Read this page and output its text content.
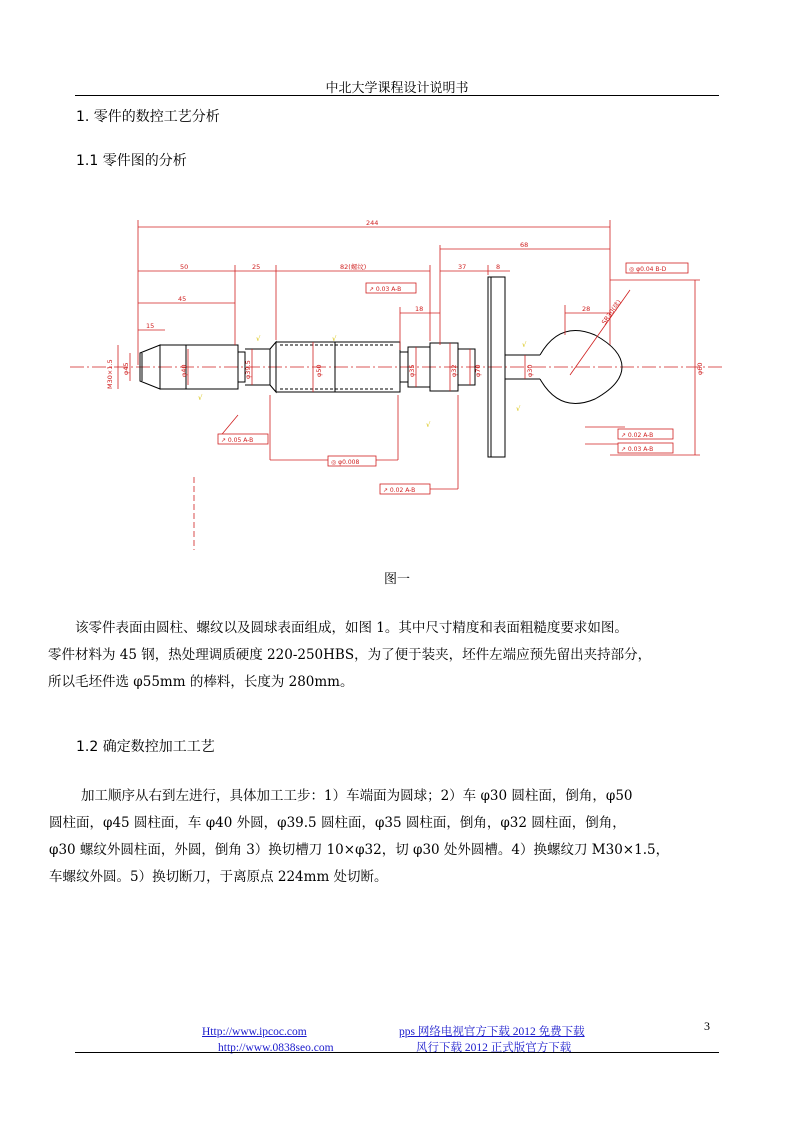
中北大学课程设计说明书
1. 零件的数控工艺分析
1.1 零件图的分析
244
68
50	25	82(螺纹)
45
15
37	8
28
18	SR30(球)
φ60
M30×1.5 φ45	φ40	φ39.5	φ50	φ35	φ32 φ70	φ30
◎ φ0.04 B-D
↗ 0.03 A-B
↗ 0.02 A-B
↗ 0.03 A-B
↗ 0.05 A-B
◎ φ0.008
↗ 0.02 A-B
√	√
√
√
√
√
图一
该零件表面由圆柱、螺纹以及圆球表面组成，如图 1。其中尺寸精度和表面粗糙度要求如图。
零件材料为 45 钢，热处理调质硬度 220-250HBS，为了便于装夹，坯件左端应预先留出夹持部分，
所以毛坯件选 φ55mm 的棒料，长度为 280mm。
1.2 确定数控加工工艺
加工顺序从右到左进行，具体加工工步：1）车端面为圆球；2）车 φ30 圆柱面，倒角，φ50
圆柱面，φ45 圆柱面，车 φ40 外圆，φ39.5 圆柱面，φ35 圆柱面，倒角，φ32 圆柱面，倒角，
φ30 螺纹外圆柱面，外圆，倒角 3）换切槽刀 10×φ32，切 φ30 处外圆槽。4）换螺纹刀 M30×1.5，
车螺纹外圆。5）换切断刀，于离原点 224mm 处切断。
Http://www.ipcoc.com
http://www.0838seo.com
pps 网络电视官方下载 2012 免费下载
风行下载 2012 正式版官方下载
3
